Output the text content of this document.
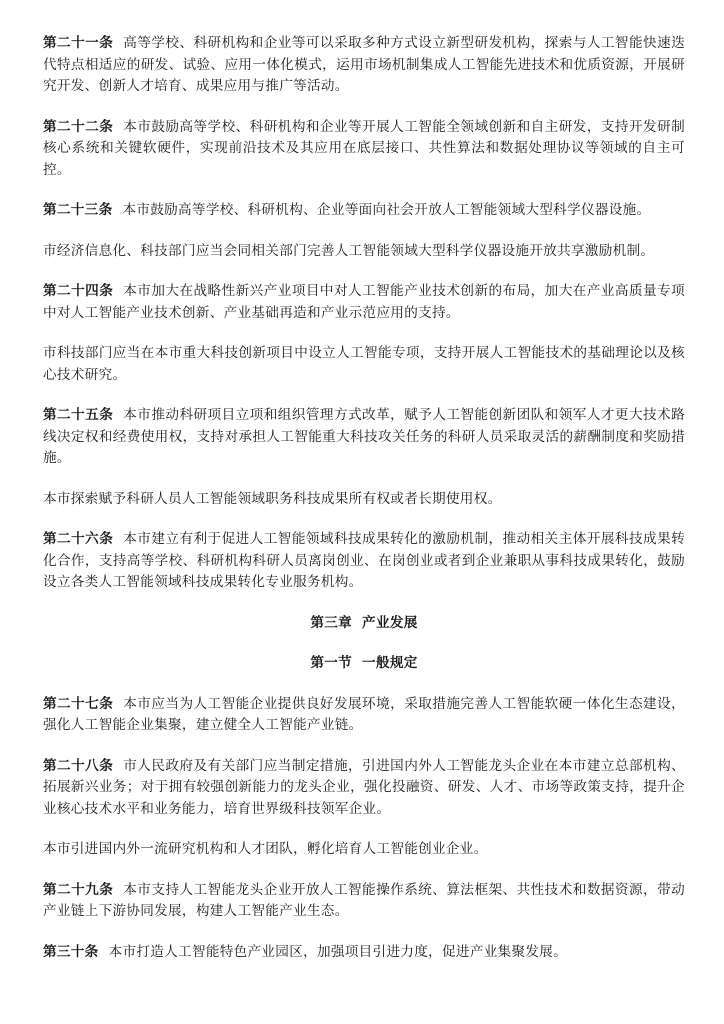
第二十一条 高等学校、科研机构和企业等可以采取多种方式设立新型研发机构，探索与人工智能快速迭代特点相适应的研发、试验、应用一体化模式，运用市场机制集成人工智能先进技术和优质资源，开展研究开发、创新人才培育、成果应用与推广等活动。

第二十二条 本市鼓励高等学校、科研机构和企业等开展人工智能全领域创新和自主研发，支持开发研制核心系统和关键软硬件，实现前沿技术及其应用在底层接口、共性算法和数据处理协议等领域的自主可控。

第二十三条 本市鼓励高等学校、科研机构、企业等面向社会开放人工智能领域大型科学仪器设施。

市经济信息化、科技部门应当会同相关部门完善人工智能领域大型科学仪器设施开放共享激励机制。

第二十四条 本市加大在战略性新兴产业项目中对人工智能产业技术创新的布局，加大在产业高质量专项中对人工智能产业技术创新、产业基础再造和产业示范应用的支持。

市科技部门应当在本市重大科技创新项目中设立人工智能专项，支持开展人工智能技术的基础理论以及核心技术研究。

第二十五条 本市推动科研项目立项和组织管理方式改革，赋予人工智能创新团队和领军人才更大技术路线决定权和经费使用权，支持对承担人工智能重大科技攻关任务的科研人员采取灵活的薪酬制度和奖励措施。

本市探索赋予科研人员人工智能领域职务科技成果所有权或者长期使用权。

第二十六条 本市建立有利于促进人工智能领域科技成果转化的激励机制，推动相关主体开展科技成果转化合作，支持高等学校、科研机构科研人员离岗创业、在岗创业或者到企业兼职从事科技成果转化，鼓励设立各类人工智能领域科技成果转化专业服务机构。

第三章 产业发展
第一节 一般规定

第二十七条 本市应当为人工智能企业提供良好发展环境，采取措施完善人工智能软硬一体化生态建设，强化人工智能企业集聚，建立健全人工智能产业链。

第二十八条 市人民政府及有关部门应当制定措施，引进国内外人工智能龙头企业在本市建立总部机构、拓展新兴业务；对于拥有较强创新能力的龙头企业，强化投融资、研发、人才、市场等政策支持，提升企业核心技术水平和业务能力，培育世界级科技领军企业。

本市引进国内外一流研究机构和人才团队，孵化培育人工智能创业企业。

第二十九条 本市支持人工智能龙头企业开放人工智能操作系统、算法框架、共性技术和数据资源，带动产业链上下游协同发展，构建人工智能产业生态。

第三十条 本市打造人工智能特色产业园区，加强项目引进力度，促进产业集聚发展。
